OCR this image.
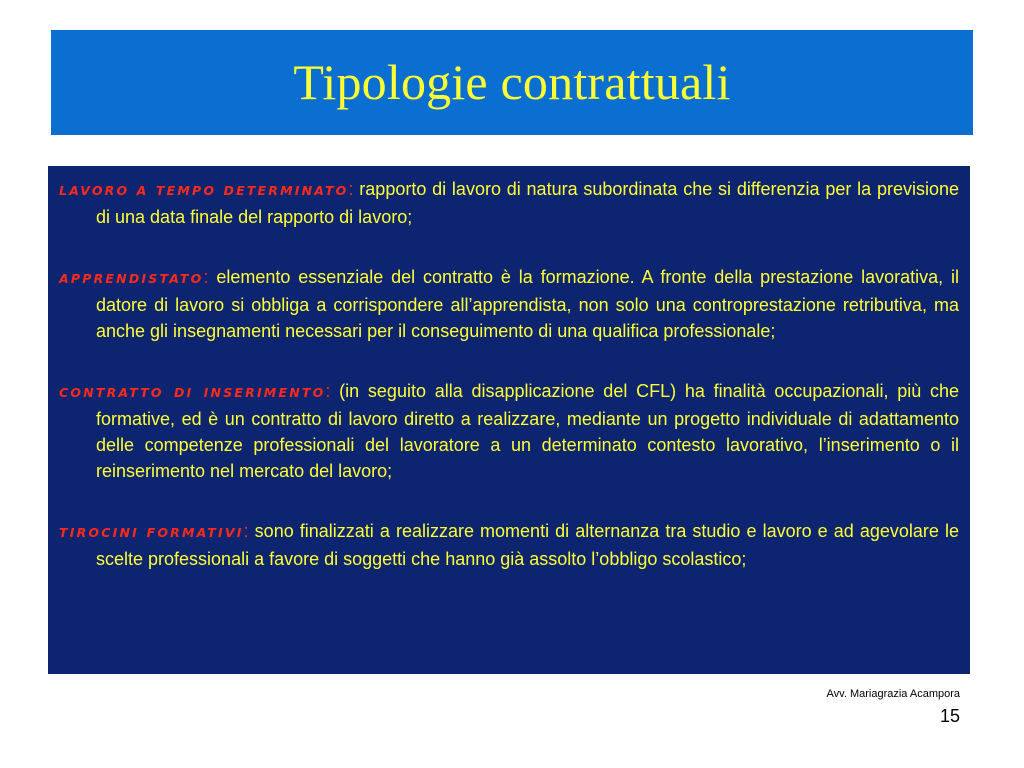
Tipologie contrattuali

LAVORO A TEMPO DETERMINATO: rapporto di lavoro di natura subordinata che si differenzia per la previsione di una data finale del rapporto di lavoro;

APPRENDISTATO: elemento essenziale del contratto è la formazione. A fronte della prestazione lavorativa, il datore di lavoro si obbliga a corrispondere all’apprendista, non solo una controprestazione retributiva, ma anche gli insegnamenti necessari per il conseguimento di una qualifica professionale;

CONTRATTO DI INSERIMENTO: (in seguito alla disapplicazione del CFL) ha finalità occupazionali, più che formative, ed è un contratto di lavoro diretto a realizzare, mediante un progetto individuale di adattamento delle competenze professionali del lavoratore a un determinato contesto lavorativo, l’inserimento o il reinserimento nel mercato del lavoro;

TIROCINI FORMATIVI: sono finalizzati a realizzare momenti di alternanza tra studio e lavoro e ad agevolare le scelte professionali a favore di soggetti che hanno già assolto l’obbligo scolastico;

Avv. Mariagrazia Acampora
15
